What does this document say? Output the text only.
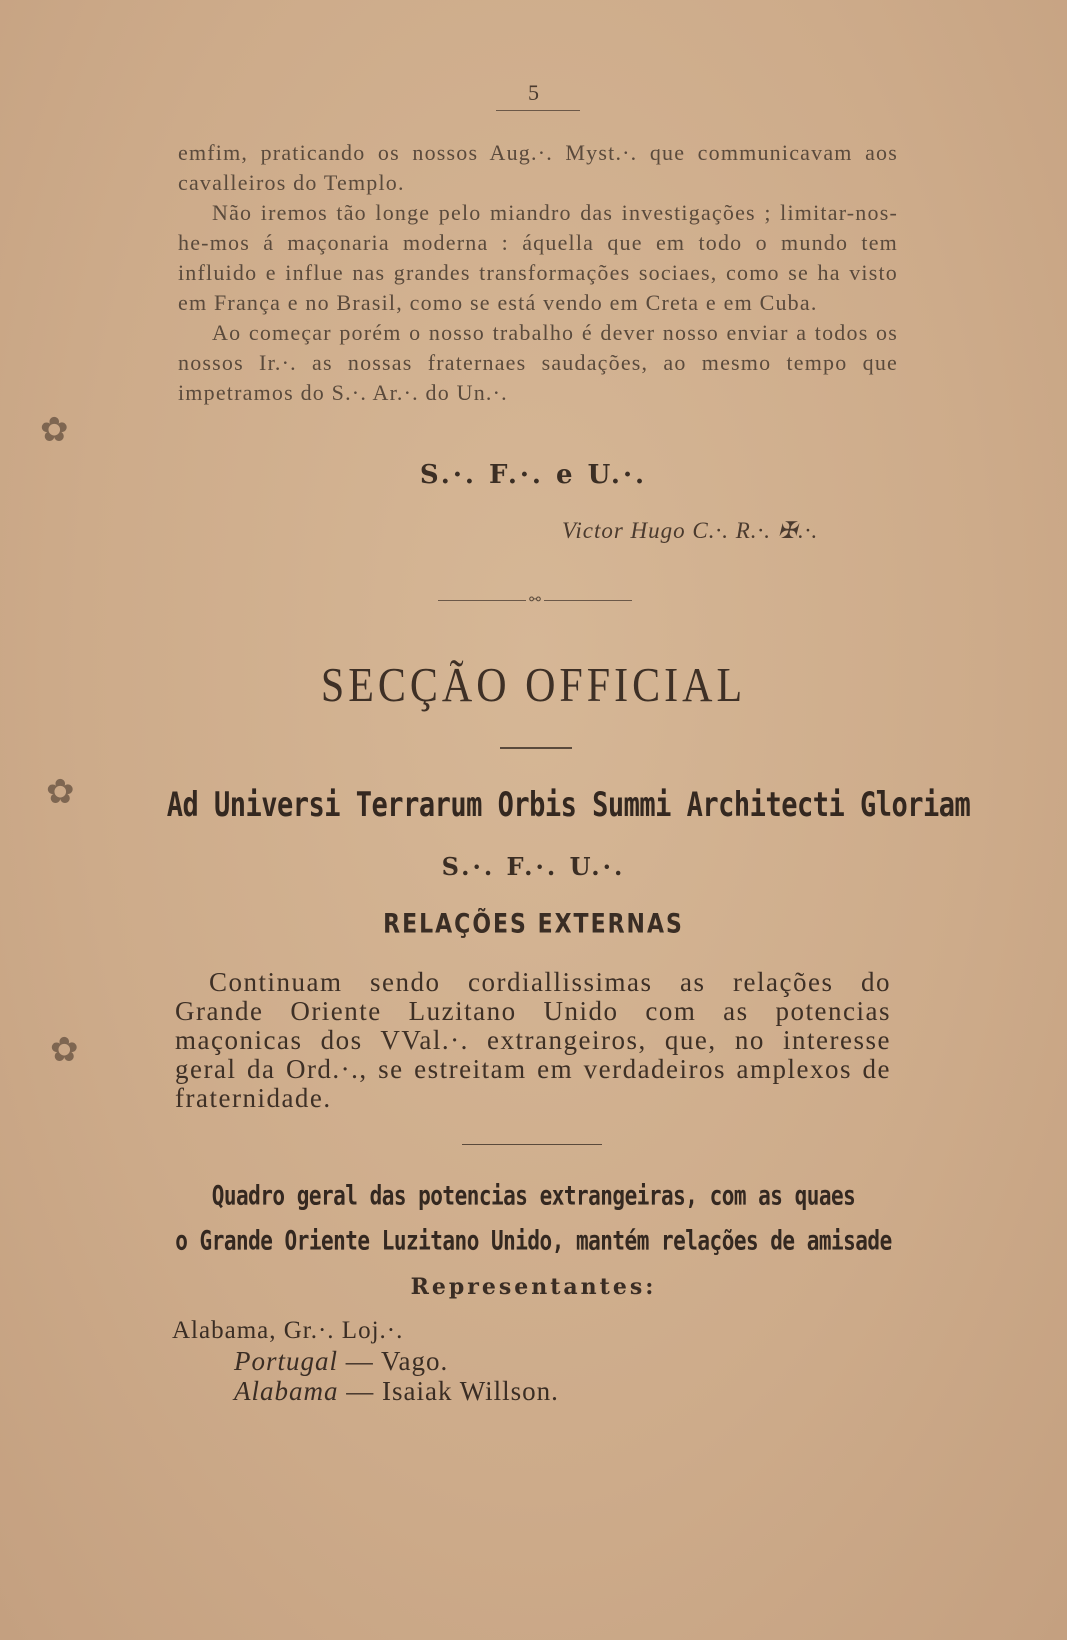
5

emfim, praticando os nossos Aug.·. Myst.·. que communicavam aos cavalleiros do Templo.

Não iremos tão longe pelo miandro das investigações ; limitar-nos-he-mos á maçonaria moderna : áquella que em todo o mundo tem influido e influe nas grandes transformações sociaes, como se ha visto em França e no Brasil, como se está vendo em Creta e em Cuba.

Ao começar porém o nosso trabalho é dever nosso enviar a todos os nossos Ir.·. as nossas fraternaes saudações, ao mesmo tempo que impetramos do S.·. Ar.·. do Un.·.

S.·. F.·. e U.·.
Victor Hugo C.·. R.·. ✠.·.
⚯
SECÇÃO OFFICIAL
Ad Universi Terrarum Orbis Summi Architecti Gloriam
S.·. F.·. U.·.
RELAÇÕES EXTERNAS

Continuam sendo cordiallissimas as relações do Grande Oriente Luzitano Unido com as potencias maçonicas dos VVal.·. extrangeiros, que, no interesse geral da Ord.·., se estreitam em verdadeiros amplexos de fraternidade.

Quadro geral das potencias extrangeiras, com as quaes
o Grande Oriente Luzitano Unido, mantém relações de amisade
Representantes:
Alabama, Gr.·. Loj.·.
Portugal — Vago.
Alabama — Isaiak Willson.
✿
✿
✿
